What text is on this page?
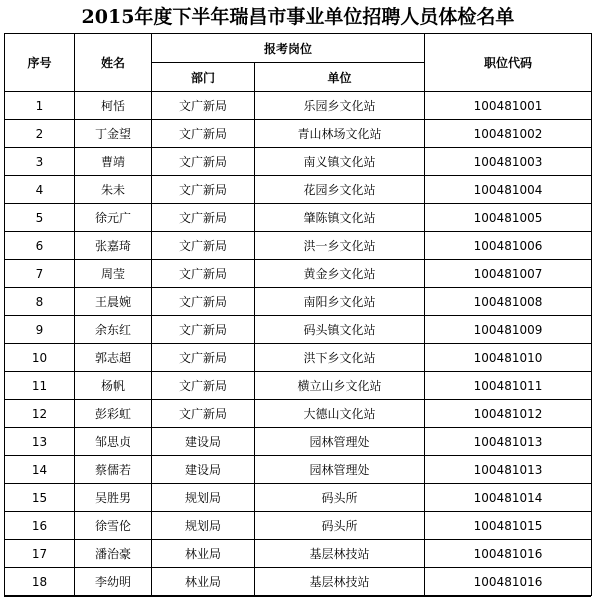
2015年度下半年瑞昌市事业单位招聘人员体检名单
序号	姓名	报考岗位		职位代码
		部门	单位	
1	柯恬	文广新局	乐园乡文化站	100481001
2	丁金望	文广新局	青山林场文化站	100481002
3	曹靖	文广新局	南义镇文化站	100481003
4	朱未	文广新局	花园乡文化站	100481004
5	徐元广	文广新局	肇陈镇文化站	100481005
6	张嘉琦	文广新局	洪一乡文化站	100481006
7	周莹	文广新局	黄金乡文化站	100481007
8	王晨婉	文广新局	南阳乡文化站	100481008
9	余东红	文广新局	码头镇文化站	100481009
10	郭志超	文广新局	洪下乡文化站	100481010
11	杨帆	文广新局	横立山乡文化站	100481011
12	彭彩虹	文广新局	大德山文化站	100481012
13	邹思贞	建设局	园林管理处	100481013
14	蔡儒若	建设局	园林管理处	100481013
15	吴胜男	规划局	码头所	100481014
16	徐雪伦	规划局	码头所	100481015
17	潘治豪	林业局	基层林技站	100481016
18	李幼明	林业局	基层林技站	100481016
